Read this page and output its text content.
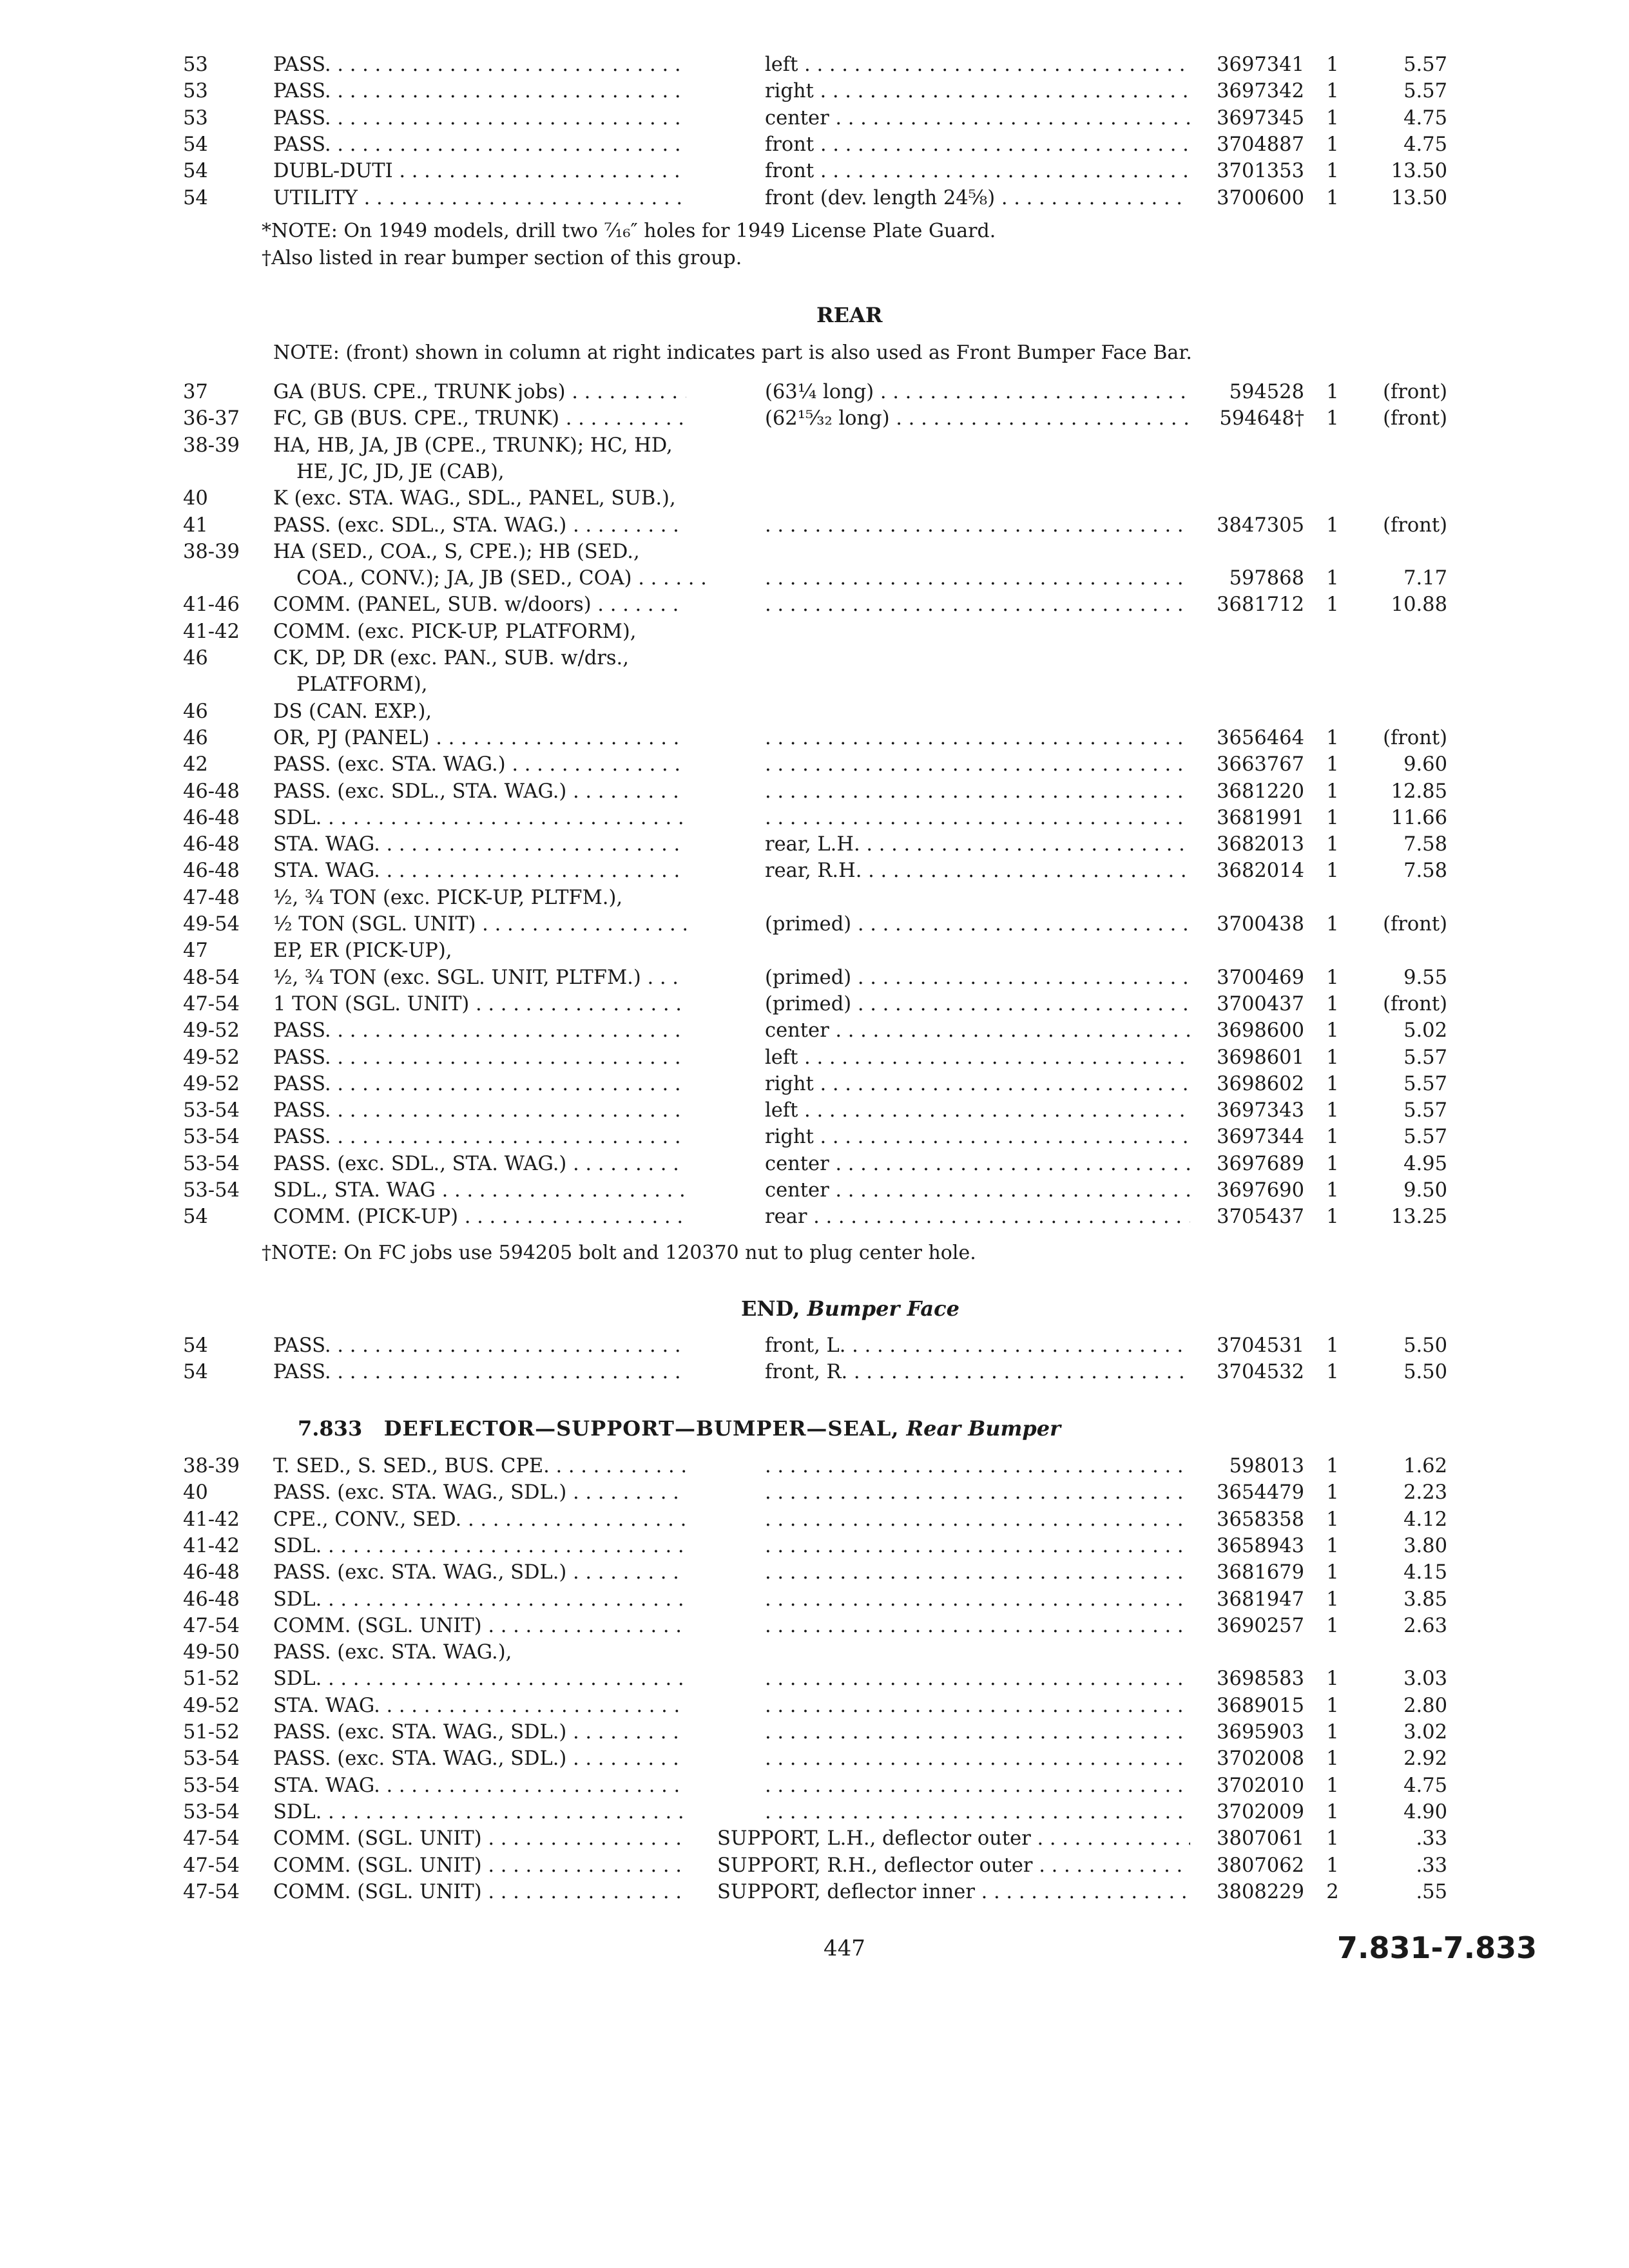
53	PASS. . . .	left . . .	3697341	1	5.57
53	PASS. . . .	right . . .	3697342	1	5.57
53	PASS. . . .	center . . .	3697345	1	4.75
54	PASS. . . .	front . . .	3704887	1	4.75
54	DUBL-DUTI . . .	front . . .	3701353	1	13.50
54	UTILITY . . .	front (dev. length 24⅝) . . .	3700600	1	13.50
*NOTE: On 1949 models, drill two ⁷⁄₁₆″ holes for 1949 License Plate Guard.
†Also listed in rear bumper section of this group.
REAR
NOTE: (front) shown in column at right indicates part is also used as Front Bumper Face Bar.
37	GA (BUS. CPE., TRUNK jobs) . . .	(63¼ long) . . .	594528	1	(front)
36-37 FC, GB (BUS. CPE., TRUNK) . . .	(62¹⁵⁄₃₂ long) . . .	594648†	1	(front)
38-39 HA, HB, JA, JB (CPE., TRUNK); HC, HD,
HE, JC, JD, JE (CAB),
40	K (exc. STA. WAG., SDL., PANEL, SUB.),
41	PASS. (exc. SDL., STA. WAG.) . . . . . .	3847305	1	(front)
38-39 HA (SED., COA., S, CPE.); HB (SED.,
COA., CONV.); JA, JB (SED., COA) . . . . . .	597868	1	7.17
41-46 COMM. (PANEL, SUB. w/doors) . . . . . .	3681712	1	10.88
41-42 COMM. (exc. PICK-UP, PLATFORM),
46	CK, DP, DR (exc. PAN., SUB. w/drs.,
PLATFORM),
46	DS (CAN. EXP.),
46	OR, PJ (PANEL) . . . . . .	3656464	1	(front)
42	PASS. (exc. STA. WAG.) . . . . . .	3663767	1	9.60
46-48 PASS. (exc. SDL., STA. WAG.) . . . . . .	3681220	1	12.85
46-48 SDL. . . . . . .	3681991	1	11.66
46-48 STA. WAG. . . .	rear, L.H. . . .	3682013	1	7.58
46-48 STA. WAG. . . .	rear, R.H. . . .	3682014	1	7.58
47-48 ½, ¾ TON (exc. PICK-UP, PLTFM.),
49-54 ½ TON (SGL. UNIT) . . .	(primed) . . .	3700438	1	(front)
47	EP, ER (PICK-UP),
48-54 ½, ¾ TON (exc. SGL. UNIT, PLTFM.) . . .	(primed) . . .	3700469	1	9.55
47-54 1 TON (SGL. UNIT) . . .	(primed) . . .	3700437	1	(front)
49-52 PASS. . . .	center . . .	3698600	1	5.02
49-52 PASS. . . .	left . . .	3698601	1	5.57
49-52 PASS. . . .	right . . .	3698602	1	5.57
53-54 PASS. . . .	left . . .	3697343	1	5.57
53-54 PASS. . . .	right . . .	3697344	1	5.57
53-54 PASS. (exc. SDL., STA. WAG.) . . .	center . . .	3697689	1	4.95
53-54 SDL., STA. WAG . . .	center . . .	3697690	1	9.50
54	COMM. (PICK-UP) . . .	rear . . .	3705437	1	13.25
†NOTE: On FC jobs use 594205 bolt and 120370 nut to plug center hole.
END, Bumper Face
54	PASS. . . .	front, L. . . .	3704531	1	5.50
54	PASS. . . .	front, R. . . .	3704532	1	5.50
7.833 DEFLECTOR—SUPPORT—BUMPER—SEAL, Rear Bumper
38-39 T. SED., S. SED., BUS. CPE. . . . . . .	598013	1	1.62
40	PASS. (exc. STA. WAG., SDL.) . . . . . .	3654479	1	2.23
41-42 CPE., CONV., SED. . . . . . .	3658358	1	4.12
41-42 SDL. . . . . . .	3658943	1	3.80
46-48 PASS. (exc. STA. WAG., SDL.) . . . . . .	3681679	1	4.15
46-48 SDL. . . . . . .	3681947	1	3.85
47-54 COMM. (SGL. UNIT) . . . . . .	3690257	1	2.63
49-50 PASS. (exc. STA. WAG.),
51-52 SDL. . . . . . .	3698583	1	3.03
49-52 STA. WAG. . . . . . .	3689015	1	2.80
51-52 PASS. (exc. STA. WAG., SDL.) . . . . . .	3695903	1	3.02
53-54 PASS. (exc. STA. WAG., SDL.) . . . . . .	3702008	1	2.92
53-54 STA. WAG. . . . . . .	3702010	1	4.75
53-54 SDL. . . . . . .	3702009	1	4.90
47-54 COMM. (SGL. UNIT) . . .	SUPPORT, L.H., deflector outer . . .	3807061	1	.33
47-54 COMM. (SGL. UNIT) . . .	SUPPORT, R.H., deflector outer . . .	3807062	1	.33
47-54 COMM. (SGL. UNIT) . . .	SUPPORT, deflector inner . . .	3808229	2	.55
447	7.831-7.833
